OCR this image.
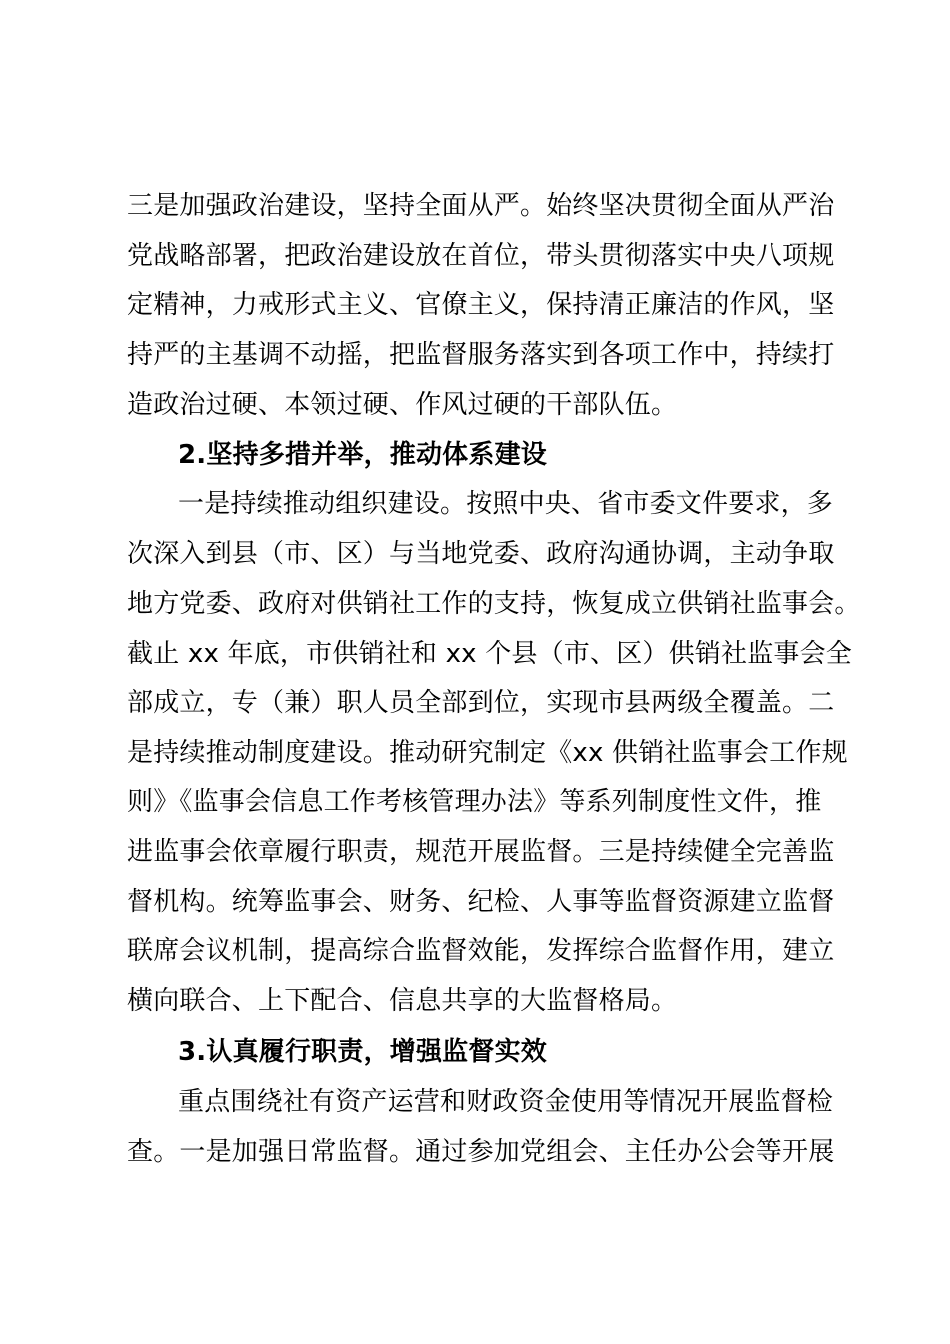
三是加强政治建设，坚持全面从严。始终坚决贯彻全面从严治
党战略部署，把政治建设放在首位，带头贯彻落实中央八项规
定精神，力戒形式主义、官僚主义，保持清正廉洁的作风，坚
持严的主基调不动摇，把监督服务落实到各项工作中，持续打
造政治过硬、本领过硬、作风过硬的干部队伍。
2.坚持多措并举，推动体系建设
一是持续推动组织建设。按照中央、省市委文件要求，多
次深入到县（市、区）与当地党委、政府沟通协调，主动争取
地方党委、政府对供销社工作的支持，恢复成立供销社监事会。
截止 xx 年底，市供销社和 xx 个县（市、区）供销社监事会全
部成立，专（兼）职人员全部到位，实现市县两级全覆盖。二
是持续推动制度建设。推动研究制定《xx 供销社监事会工作规
则》《监事会信息工作考核管理办法》等系列制度性文件，推
进监事会依章履行职责，规范开展监督。三是持续健全完善监
督机构。统筹监事会、财务、纪检、人事等监督资源建立监督
联席会议机制，提高综合监督效能，发挥综合监督作用，建立
横向联合、上下配合、信息共享的大监督格局。
3.认真履行职责，增强监督实效
重点围绕社有资产运营和财政资金使用等情况开展监督检
查。一是加强日常监督。通过参加党组会、主任办公会等开展
